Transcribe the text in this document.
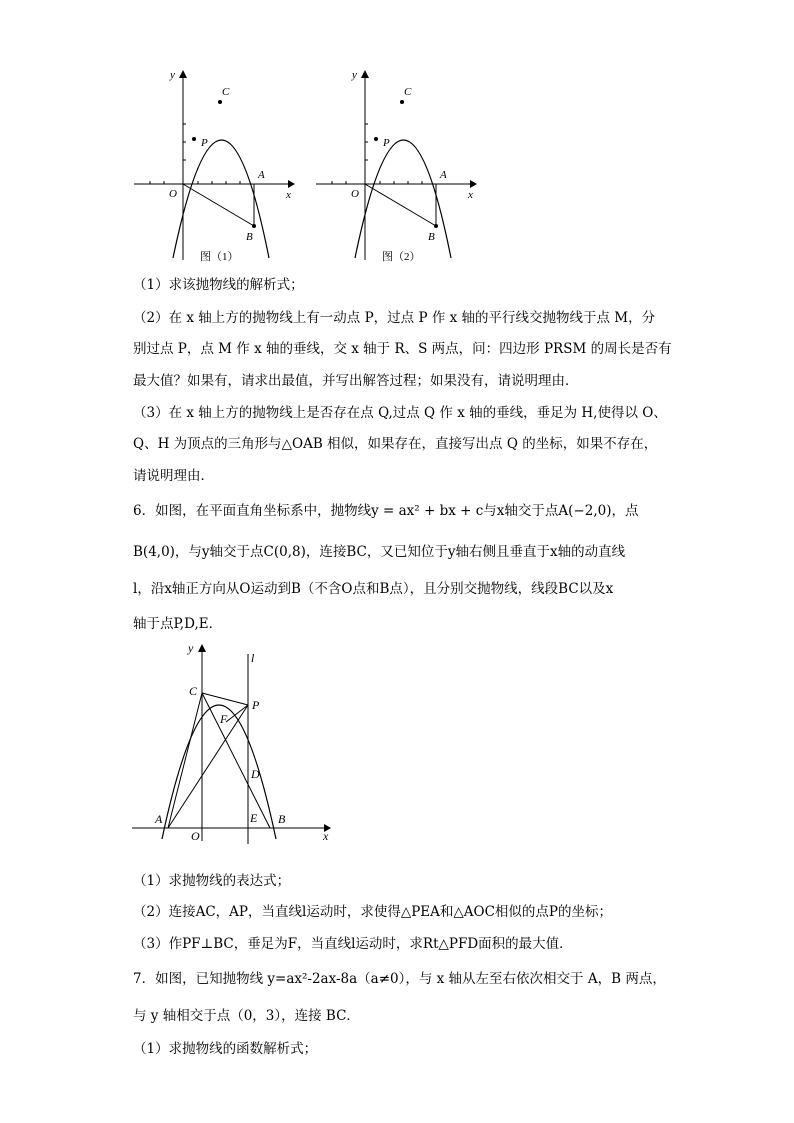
y
C
P
O
A
x
B
图（1）
y
C
P
O
A
x
B
图（2）
（1）求该抛物线的解析式；
（2）在 x 轴上方的抛物线上有一动点 P，过点 P 作 x 轴的平行线交抛物线于点 M，分
别过点 P，点 M 作 x 轴的垂线，交 x 轴于 R、S 两点，问：四边形 PRSM 的周长是否有
最大值？如果有，请求出最值，并写出解答过程；如果没有，请说明理由．
（3）在 x 轴上方的抛物线上是否存在点 Q,过点 Q 作 x 轴的垂线，垂足为 H,使得以 O、
Q、H 为顶点的三角形与△OAB 相似，如果存在，直接写出点 Q 的坐标，如果不存在，
请说明理由．
6．如图，在平面直角坐标系中，抛物线y = ax² + bx + c与x轴交于点A(−2,0)，点
B(4,0)，与y轴交于点C(0,8)，连接BC，又已知位于y轴右侧且垂直于x轴的动直线
l，沿x轴正方向从O运动到B（不含O点和B点），且分别交抛物线，线段BC以及x
轴于点P,D,E．
y
l
C
F
P
D
A
O
E B
x
（1）求抛物线的表达式；
（2）连接AC，AP，当直线l运动时，求使得△PEA和△AOC相似的点P的坐标；
（3）作PF⊥BC，垂足为F，当直线l运动时，求Rt△PFD面积的最大值．
7．如图，已知抛物线 y=ax²-2ax-8a（a≠0），与 x 轴从左至右依次相交于 A，B 两点，
与 y 轴相交于点（0，3），连接 BC．
（1）求抛物线的函数解析式；
